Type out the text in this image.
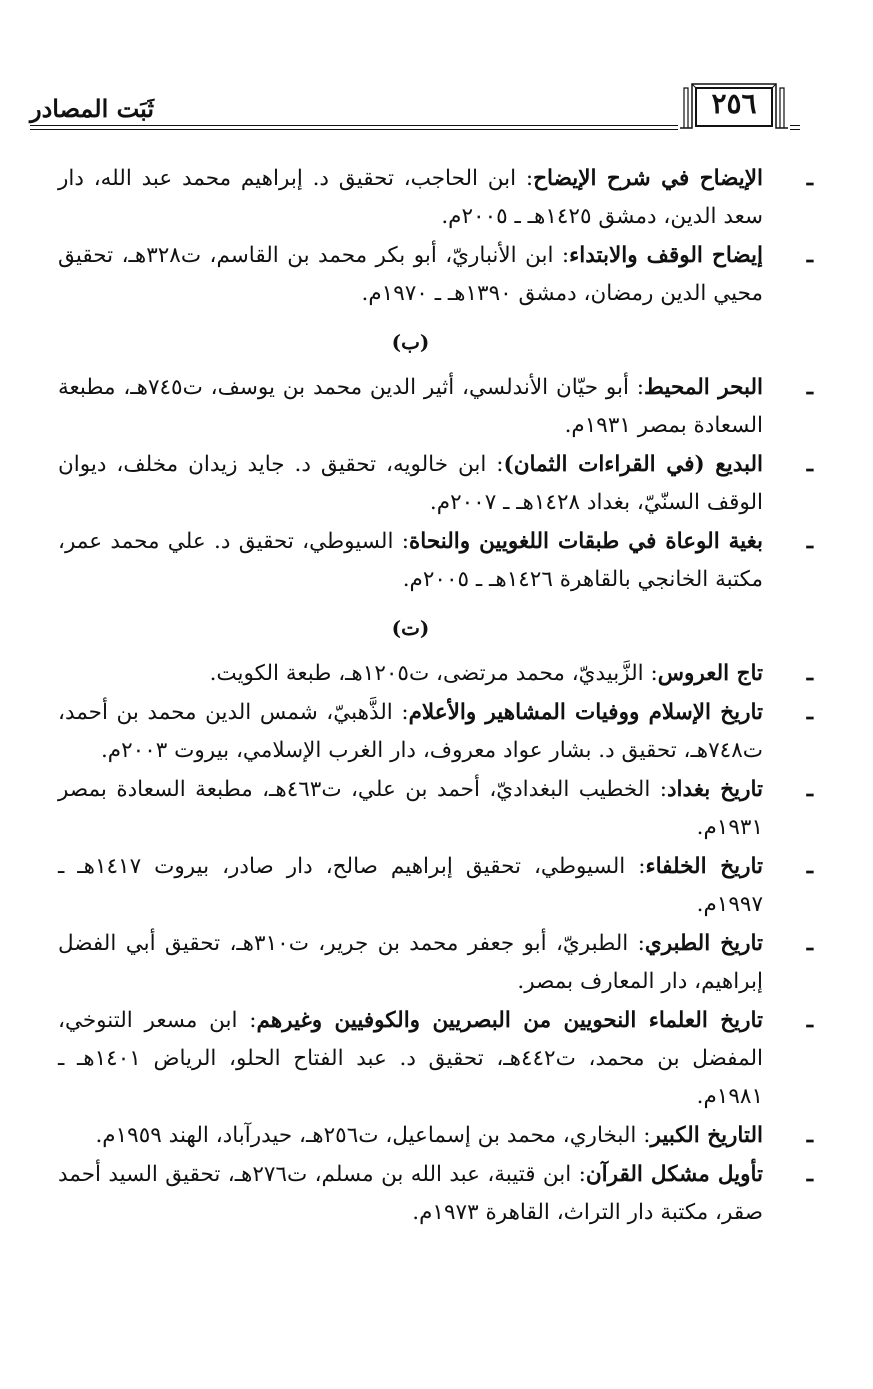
ثَبَت المصادر	٢٥٦
ـ
الإيضاح في شرح الإيضاح: ابن الحاجب، تحقيق د. إبراهيم محمد عبد الله، دار سعد الدين، دمشق ١٤٢٥هـ ـ ٢٠٠٥م.
ـ
إيضاح الوقف والابتداء: ابن الأنباريّ، أبو بكر محمد بن القاسم، ت٣٢٨هـ، تحقيق محيي الدين رمضان، دمشق ١٣٩٠هـ ـ ١٩٧٠م.
(ب)
ـ
البحر المحيط: أبو حيّان الأندلسي، أثير الدين محمد بن يوسف، ت٧٤٥هـ، مطبعة السعادة بمصر ١٩٣١م.
ـ
البديع (في القراءات الثمان): ابن خالويه، تحقيق د. جايد زيدان مخلف، ديوان الوقف السنّيّ، بغداد ١٤٢٨هـ ـ ٢٠٠٧م.
ـ
بغية الوعاة في طبقات اللغويين والنحاة: السيوطي، تحقيق د. علي محمد عمر، مكتبة الخانجي بالقاهرة ١٤٢٦هـ ـ ٢٠٠٥م.
(ت)
ـ
تاج العروس: الزَّبيديّ، محمد مرتضى، ت١٢٠٥هـ، طبعة الكويت.
ـ
تاريخ الإسلام ووفيات المشاهير والأعلام: الذَّهبيّ، شمس الدين محمد بن أحمد، ت٧٤٨هـ، تحقيق د. بشار عواد معروف، دار الغرب الإسلامي، بيروت ٢٠٠٣م.
ـ
تاريخ بغداد: الخطيب البغداديّ، أحمد بن علي، ت٤٦٣هـ، مطبعة السعادة بمصر ١٩٣١م.
ـ
تاريخ الخلفاء: السيوطي، تحقيق إبراهيم صالح، دار صادر، بيروت ١٤١٧هـ ـ ١٩٩٧م.
ـ
تاريخ الطبري: الطبريّ، أبو جعفر محمد بن جرير، ت٣١٠هـ، تحقيق أبي الفضل إبراهيم، دار المعارف بمصر.
ـ
تاريخ العلماء النحويين من البصريين والكوفيين وغيرهم: ابن مسعر التنوخي، المفضل بن محمد، ت٤٤٢هـ، تحقيق د. عبد الفتاح الحلو، الرياض ١٤٠١هـ ـ ١٩٨١م.
ـ
التاريخ الكبير: البخاري، محمد بن إسماعيل، ت٢٥٦هـ، حيدرآباد، الهند ١٩٥٩م.
ـ
تأويل مشكل القرآن: ابن قتيبة، عبد الله بن مسلم، ت٢٧٦هـ، تحقيق السيد أحمد صقر، مكتبة دار التراث، القاهرة ١٩٧٣م.
